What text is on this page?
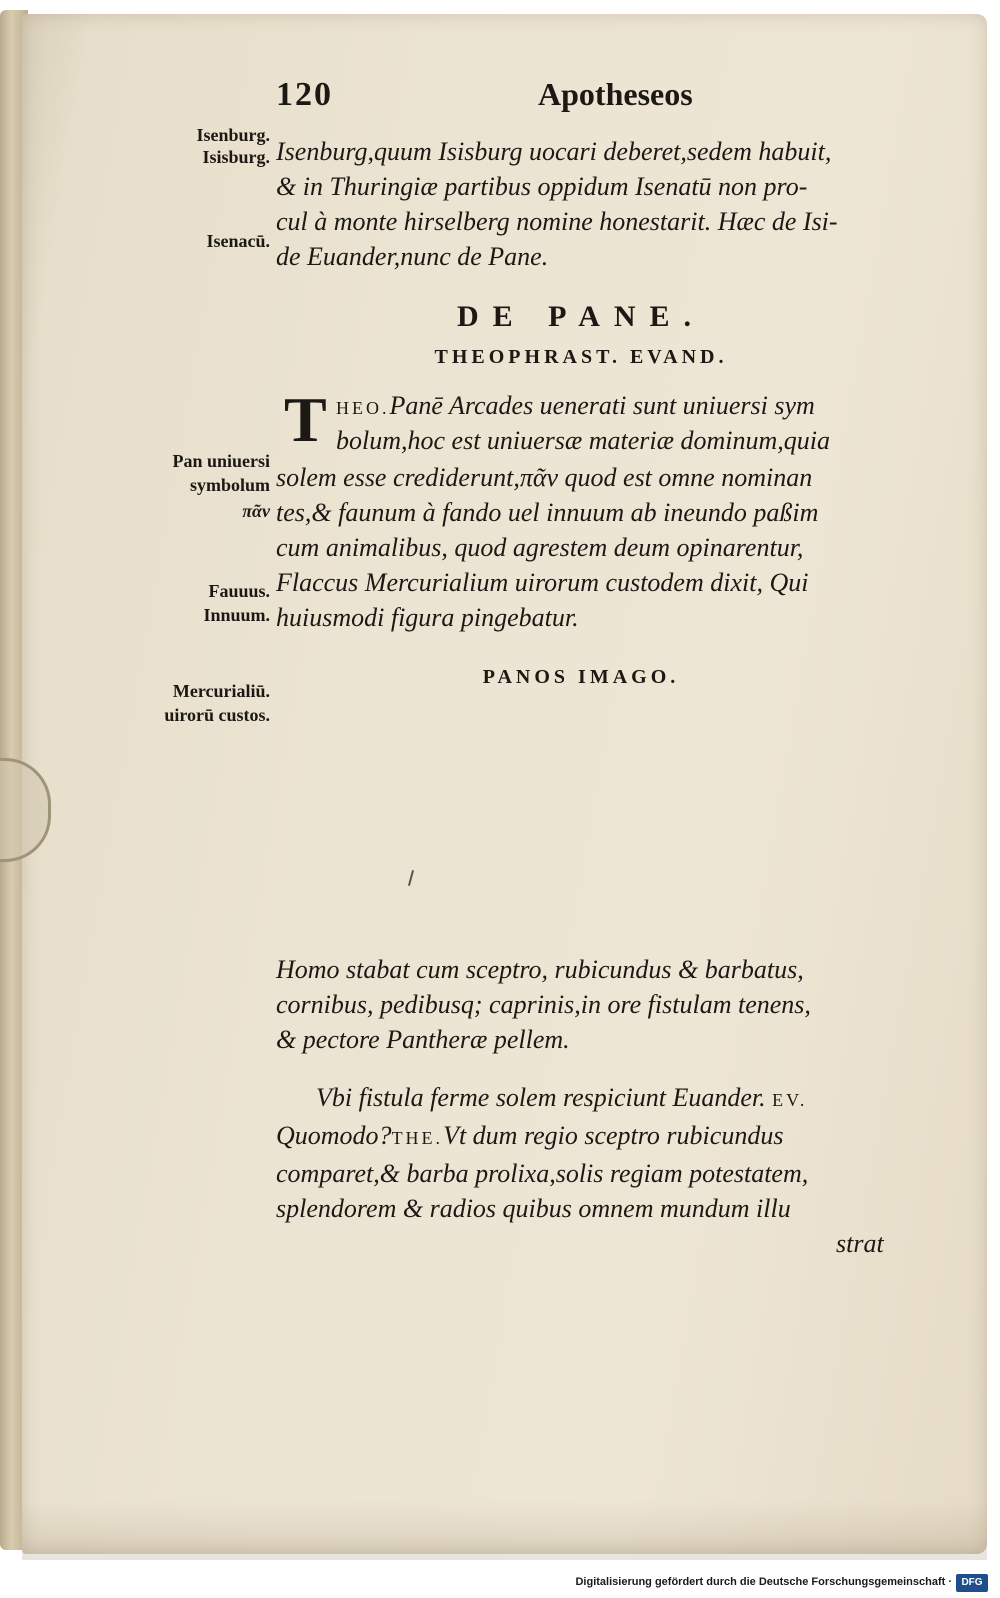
120	Apotheseos
Isenburg.
Isisburg.
Isenacū.
Pan uniuersi
symbolum
πᾶν
Fauuus.
Innuum.
Mercurialiū.
uirorū custos.
Isenburg,quum Isisburg uocari deberet,sedem habuit,
& in Thuringiæ partibus oppidum Isenatū non pro-
cul à monte hirselberg nomine honestarit. Hæc de Isi-
de Euander,nunc de Pane.
DE PANE.
THEOPHRAST. EVAND.
T HEO.Panē Arcades uenerati sunt uniuersi sym
bolum,hoc est uniuersæ materiæ dominum,quia
solem esse crediderunt,πᾶν quod est omne nominan
tes,& faunum à fando uel innuum ab ineundo paßim
cum animalibus, quod agrestem deum opinarentur,
Flaccus Mercurialium uirorum custodem dixit, Qui
huiusmodi figura pingebatur.
PANOS IMAGO.
Homo stabat cum sceptro, rubicundus & barbatus,
cornibus, pedibusq; caprinis,in ore fistulam tenens,
& pectore Pantheræ pellem.
Vbi fistula ferme solem respiciunt Euander. EV.
Quomodo?THE.Vt dum regio sceptro rubicundus
comparet,& barba prolixa,solis regiam potestatem,
splendorem & radios quibus omnem mundum illu
strat
Digitalisierung gefördert durch die Deutsche Forschungsgemeinschaft · DFG
